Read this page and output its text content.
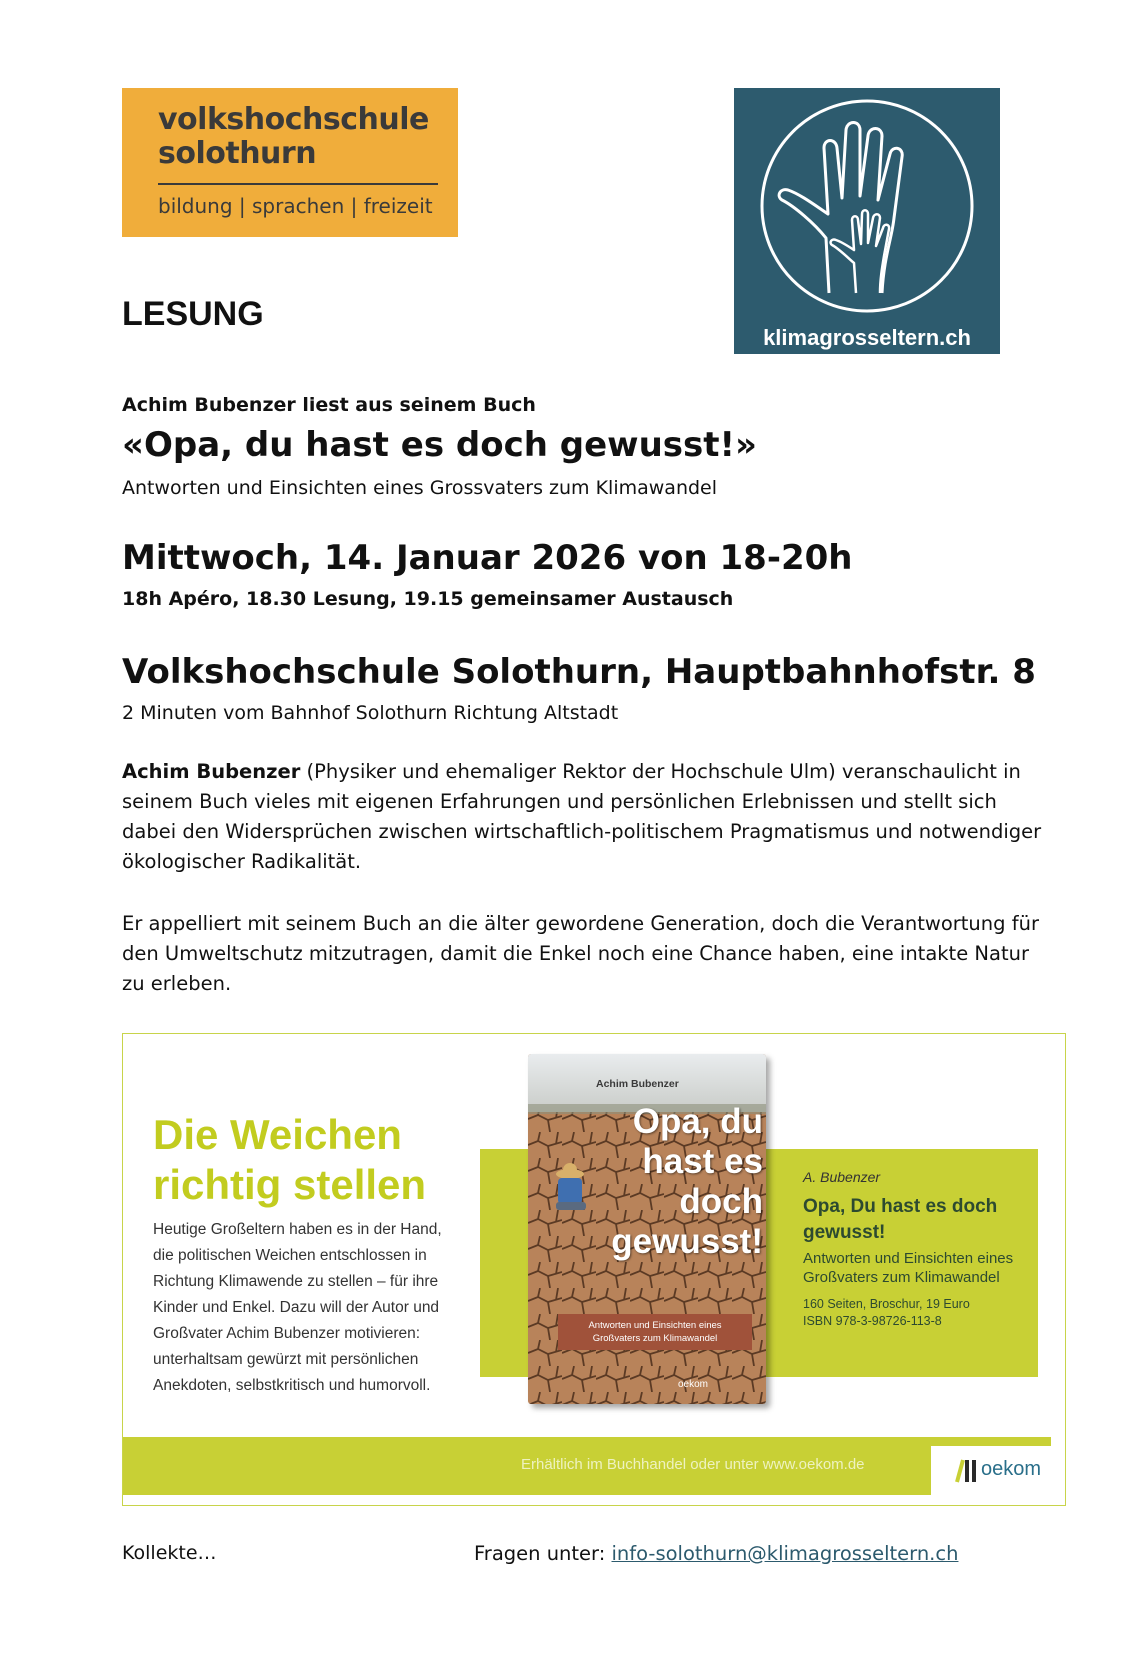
volkshochschule
solothurn
bildung | sprachen | freizeit
klimagrosseltern.ch
LESUNG
Achim Bubenzer liest aus seinem Buch
«Opa, du hast es doch gewusst!»
Antworten und Einsichten eines Grossvaters zum Klimawandel
Mittwoch, 14. Januar 2026 von 18-20h
18h Apéro, 18.30 Lesung, 19.15 gemeinsamer Austausch
Volkshochschule Solothurn, Hauptbahnhofstr. 8
2 Minuten vom Bahnhof Solothurn Richtung Altstadt
Achim Bubenzer (Physiker und ehemaliger Rektor der Hochschule Ulm) veranschaulicht in seinem Buch vieles mit eigenen Erfahrungen und persönlichen Erlebnissen und stellt sich dabei den Widersprüchen zwischen wirtschaftlich-politischem Pragmatismus und notwendiger ökologischer Radikalität.
Er appelliert mit seinem Buch an die älter gewordene Generation, doch die Verantwortung für den Umweltschutz mitzutragen, damit die Enkel noch eine Chance haben, eine intakte Natur zu erleben.
Die Weichen
richtig stellen
Heutige Großeltern haben es in der Hand, die politischen Weichen entschlossen in Richtung Klimawende zu stellen – für ihre Kinder und Enkel. Dazu will der Autor und Großvater Achim Bubenzer motivieren: unterhaltsam gewürzt mit persönlichen Anekdoten, selbstkritisch und humorvoll.
Achim Bubenzer
Opa, du hast es doch gewusst!
Antworten und Einsichten eines Großvaters zum Klimawandel
oekom
A. Bubenzer
Opa, Du hast es doch gewusst!
Antworten und Einsichten eines Großvaters zum Klimawandel
160 Seiten, Broschur, 19 Euro
ISBN 978-3-98726-113-8
Erhältlich im Buchhandel oder unter www.oekom.de	oekom
Kollekte…	Fragen unter: info-solothurn@klimagrosseltern.ch
